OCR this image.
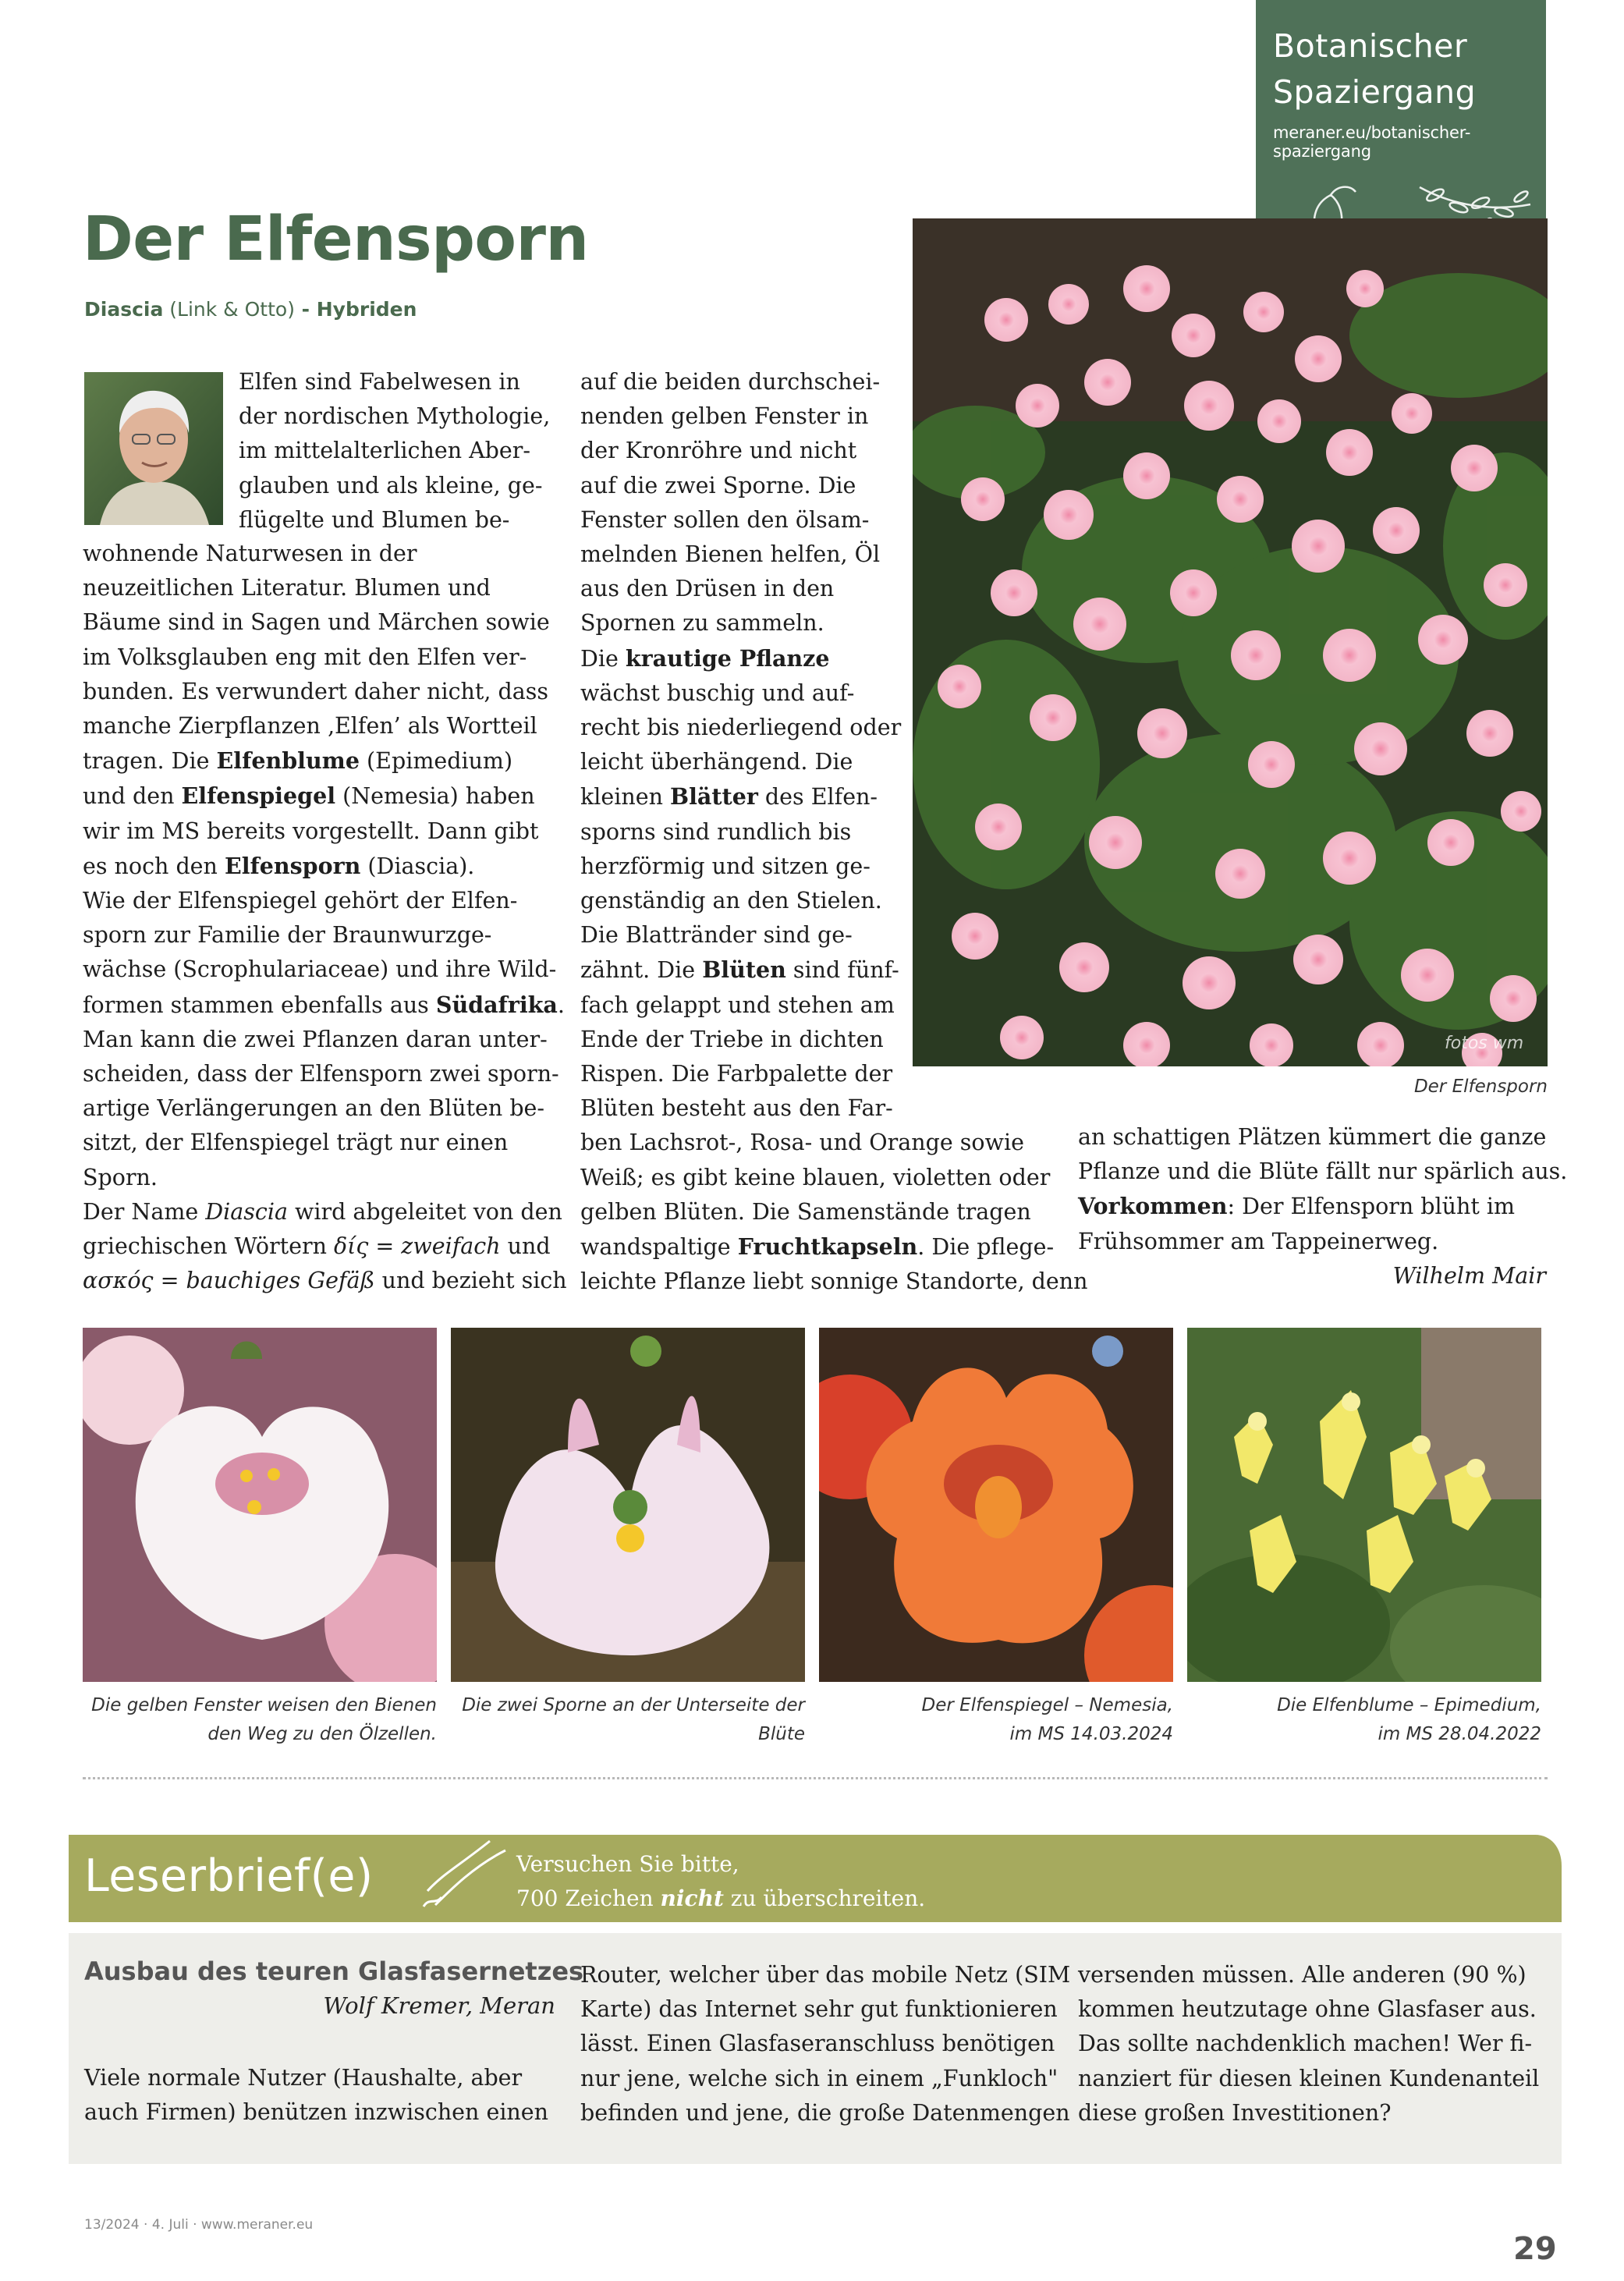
Botanischer
Spaziergang
meraner.eu/botanischer-spaziergang
Der Elfensporn
Diascia (Link & Otto) - Hybriden

Elfen sind Fabelwesen in

der nordischen Mythologie,

im mittelalterlichen Aber-

glauben und als kleine, ge-

flügelte und Blumen be-

wohnende Naturwesen in der

neuzeitlichen Literatur. Blumen und

Bäume sind in Sagen und Märchen sowie

im Volksglauben eng mit den Elfen ver-

bunden. Es verwundert daher nicht, dass

manche Zierpflanzen ‚Elfen’ als Wortteil

tragen. Die Elfenblume (Epimedium)

und den Elfenspiegel (Nemesia) haben

wir im MS bereits vorgestellt. Dann gibt

es noch den Elfensporn (Diascia).

Wie der Elfenspiegel gehört der Elfen-

sporn zur Familie der Braunwurzge-

wächse (Scrophulariaceae) und ihre Wild-

formen stammen ebenfalls aus Südafrika.

Man kann die zwei Pflanzen daran unter-

scheiden, dass der Elfensporn zwei sporn-

artige Verlängerungen an den Blüten be-

sitzt, der Elfenspiegel trägt nur einen

Sporn.

Der Name Diascia wird abgeleitet von den

griechischen Wörtern δίς = zweifach und

ασκός = bauchiges Gefäß und bezieht sich

auf die beiden durchschei-

nenden gelben Fenster in

der Kronröhre und nicht

auf die zwei Sporne. Die

Fenster sollen den ölsam-

melnden Bienen helfen, Öl

aus den Drüsen in den

Spornen zu sammeln.

Die krautige Pflanze

wächst buschig und auf-

recht bis niederliegend oder

leicht überhängend. Die

kleinen Blätter des Elfen-

sporns sind rundlich bis

herzförmig und sitzen ge-

genständig an den Stielen.

Die Blattränder sind ge-

zähnt. Die Blüten sind fünf-

fach gelappt und stehen am

Ende der Triebe in dichten

Rispen. Die Farbpalette der

Blüten besteht aus den Far-

ben Lachsrot-, Rosa- und Orange sowie

Weiß; es gibt keine blauen, violetten oder

gelben Blüten. Die Samenstände tragen

wandspaltige Fruchtkapseln. Die pflege-

leichte Pflanze liebt sonnige Standorte, denn

fotos wm
Der Elfensporn

an schattigen Plätzen kümmert die ganze

Pflanze und die Blüte fällt nur spärlich aus.

Vorkommen: Der Elfensporn blüht im

Frühsommer am Tappeinerweg.

Wilhelm Mair

Die gelben Fenster weisen den Bienen
den Weg zu den Ölzellen.
Die zwei Sporne an der Unterseite der
Blüte
Der Elfenspiegel – Nemesia,
im MS 14.03.2024
Die Elfenblume – Epimedium,
im MS 28.04.2022
Leserbrief(e)	Versuchen Sie bitte,
700 Zeichen nicht zu überschreiten.
Ausbau des teuren Glasfasernetzes
Wolf Kremer, Meran

Viele normale Nutzer (Haushalte, aber

auch Firmen) benützen inzwischen einen

Router, welcher über das mobile Netz (SIM

Karte) das Internet sehr gut funktionieren

lässt. Einen Glasfaseranschluss benötigen

nur jene, welche sich in einem „Funkloch"

befinden und jene, die große Datenmengen

versenden müssen. Alle anderen (90 %)

kommen heutzutage ohne Glasfaser aus.

Das sollte nachdenklich machen! Wer fi-

nanziert für diesen kleinen Kundenanteil

diese großen Investitionen?

13/2024 · 4. Juli · www.meraner.eu
29
